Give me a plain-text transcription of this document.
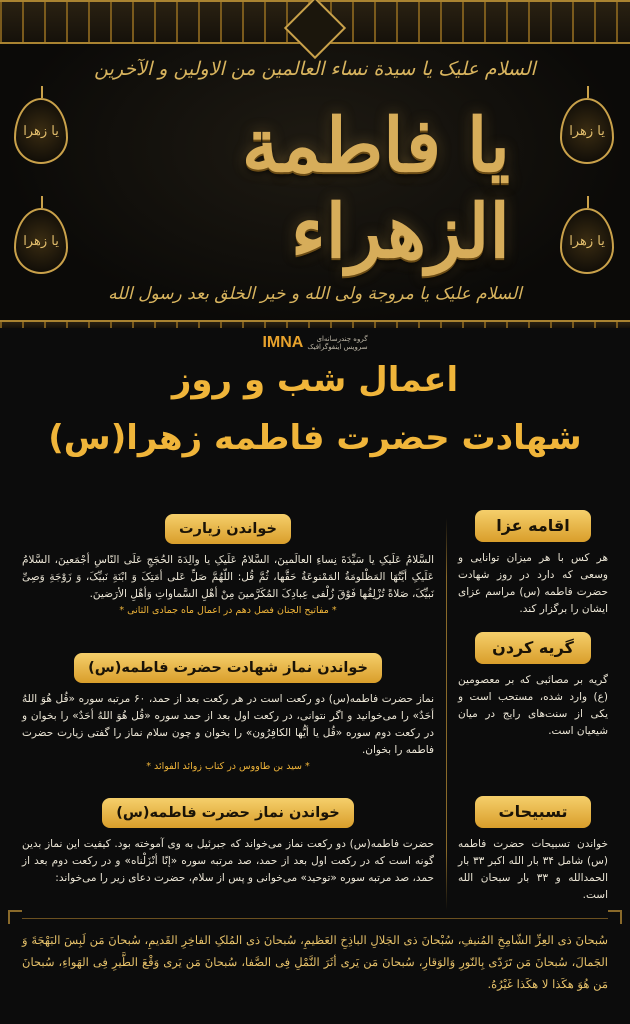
السلام علیک یا سیدة نساء العالمین من الاولین و الآخرین
یا زهرا
یا زهرا
یا زهرا
یا زهرا
یا فاطمة الزهراء
السلام علیک یا مروجة ولی الله و خیر الخلق بعد رسول الله
IMNA	گروه چندرسانه‌ای
سرویس اینفوگرافیک
اعمال شب و روز
شهادت حضرت فاطمه زهرا(س)
اقامه عزا

هر کس با هر میزان توانایی و وسعی که دارد در روز شهادت حضرت فاطمه (س) مراسم عزای ایشان را برگزار کند.

گریه کردن

گریه بر مصائبی که بر معصومین (ع) وارد شده، مستحب است و یکی از سنت‌های رایج در میان شیعیان است.

تسبیحات

خواندن تسبیحات حضرت فاطمه (س) شامل ۳۴ بار الله اکبر ۳۳ بار الحمدالله و ۳۳ بار سبحان الله است.

خواندن زیارت

السَّلامُ عَلَیکِ یا سَیِّدَةَ نِساءِ العالَمینَ، السَّلامُ عَلَیکِ یا والِدَةَ الحُجَجِ عَلَی النّاسِ أجْمَعینَ، السَّلامُ عَلَیکِ أیَّتُهَا المَظْلومَةُ المَمْنوعَةُ حَقَّها، ثُمَّ قُل: اللّهُمَّ صَلِّ عَلی أمَتِکَ وَ ابْنَةِ نَبیِّکَ، وَ زَوْجَةِ وَصِیِّ نَبیِّکَ، صَلاةً تُزْلِفُها فَوْقَ زُلْفی عِبادِکَ المُکَرَّمینَ مِنْ أهْلِ السَّماواتِ وَأهْلِ الأرَضینَ.

* مفاتیح الجنان فصل دهم در اعمال ماه جمادی الثانی *
خواندن نماز شهادت حضرت فاطمه(س)

نماز حضرت فاطمه(س) دو رکعت است در هر رکعت بعد از حمد، ۶۰ مرتبه سوره «قُل هُوَ اللهُ أحَدٌ» را می‌خوانید و اگر نتوانی، در رکعت اول بعد از حمد سوره «قُل هُوَ اللهُ أحَدٌ» را بخوان و در رکعت دوم سوره «قُل یا أیُّها الکافِرُون» را بخوان و چون سلام نماز را گفتی زیارت حضرت فاطمه را بخوان.

* سید بن طاووس در کتاب زوائد الفوائد *
خواندن نماز حضرت فاطمه(س)

حضرت فاطمه(س) دو رکعت نماز می‌خواند که جبرئیل به وی آموخته بود. کیفیت این نماز بدین گونه است که در رکعت اول بعد از حمد، صد مرتبه سوره «إنّا أنْزَلْناه» و در رکعت دوم بعد از حمد، صد مرتبه سوره «توحید» می‌خوانی و پس از سلام، حضرت دعای زیر را می‌خواند:

سُبحانَ ذی العِزِّ الشّامِخِ المُنیفِ، سُبْحانَ ذی الجَلالِ الباذِخِ العَظیمِ، سُبحانَ ذی المُلکِ الفاخِرِ القَدیمِ، سُبحانَ مَن لَبِسَ البَهْجَةَ وَ الجَمالَ، سُبحانَ مَن تَرَدّی بِالنّورِ وَالوَقارِ، سُبحانَ مَن یَری أثَرَ النَّمْلِ فِی الصَّفا، سُبحانَ مَن یَری وَقْعَ الطَّیرِ فِی الهَواءِ، سُبحانَ مَن هُوَ هکَذا لا هکَذا غَیْرُهُ.
